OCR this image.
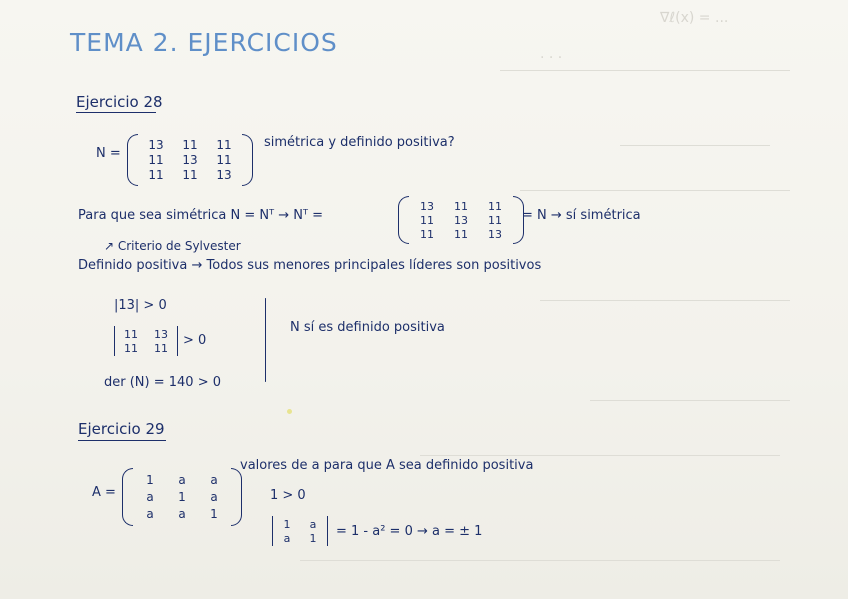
∇ℓ(x) = ...
· · ·
TEMA 2. EJERCICIOS
Ejercicio 28
N =
13 11 11
11 13 11
11 11 13
simétrica y definido positiva?
Para que sea simétrica N = Nᵀ → Nᵀ =
13	11	11
11	13	11
11	11	13
= N → sí simétrica
↗ Criterio de Sylvester
Definido positiva → Todos sus menores principales líderes son positivos
|13| > 0
11 13
11 11 > 0
der (N) = 140 > 0
N sí es definido positiva
Ejercicio 29
A =
1	a	a
a	1	a
a	a	1
valores de a para que A sea definido positiva
1 > 0
1	a
a	1 = 1 - a² = 0 → a = ± 1
